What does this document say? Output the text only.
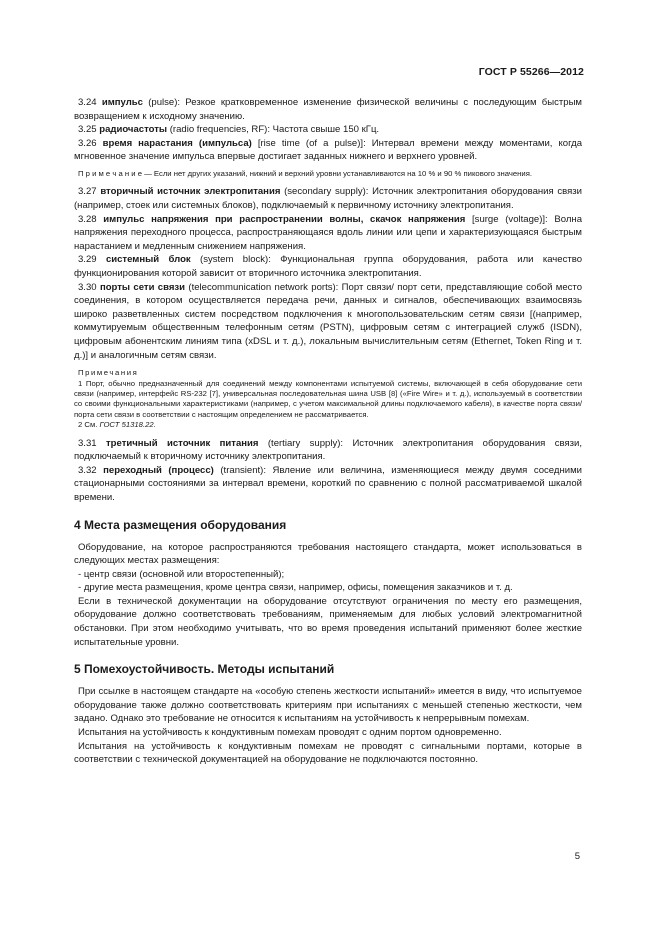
ГОСТ Р 55266—2012

3.24 импульс (pulse): Резкое кратковременное изменение физической величины с последующим быстрым возвращением к исходному значению.

3.25 радиочастоты (radio frequencies, RF): Частота свыше 150 кГц.

3.26 время нарастания (импульса) [rise time (of a pulse)]: Интервал времени между моментами, когда мгновенное значение импульса впервые достигает заданных нижнего и верхнего уровней.

П р и м е ч а н и е — Если нет других указаний, нижний и верхний уровни устанавливаются на 10 % и 90 % пикового значения.

3.27 вторичный источник электропитания (secondary supply): Источник электропитания оборудования связи (например, стоек или системных блоков), подключаемый к первичному источнику электропитания.

3.28 импульс напряжения при распространении волны, скачок напряжения [surge (voltage)]: Волна напряжения переходного процесса, распространяющаяся вдоль линии или цепи и характеризующаяся быстрым нарастанием и медленным снижением напряжения.

3.29 системный блок (system block): Функциональная группа оборудования, работа или качество функционирования которой зависит от вторичного источника электропитания.

3.30 порты сети связи (telecommunication network ports): Порт связи/ порт сети, представляющие собой место соединения, в котором осуществляется передача речи, данных и сигналов, обеспечивающих взаимосвязь широко разветвленных систем посредством подключения к многопользовательским сетям связи [(например, коммутируемым общественным телефонным сетям (PSTN), цифровым сетям с интеграцией служб (ISDN), цифровым абонентским линиям типа (xDSL и т. д.), локальным вычислительным сетям (Ethernet, Token Ring и т. д.)] и аналогичным сетям связи.

Примечания

1 Порт, обычно предназначенный для соединений между компонентами испытуемой системы, включающей в себя оборудование сети связи (например, интерфейс RS-232 [7], универсальная последовательная шина USB [8] («Fire Wire» и т. д.), используемый в соответствии со своими функциональными характеристиками (например, с учетом максимальной длины подключаемого кабеля), в качестве порта связи/порта сети связи в соответствии с настоящим определением не рассматривается.

2 См. ГОСТ 51318.22.

3.31 третичный источник питания (tertiary supply): Источник электропитания оборудования связи, подключаемый к вторичному источнику электропитания.

3.32 переходный (процесс) (transient): Явление или величина, изменяющиеся между двумя соседними стационарными состояниями за интервал времени, короткий по сравнению с полной рассматриваемой шкалой времени.

4 Места размещения оборудования

Оборудование, на которое распространяются требования настоящего стандарта, может использоваться в следующих местах размещения:

- центр связи (основной или второстепенный);

- другие места размещения, кроме центра связи, например, офисы, помещения заказчиков и т. д.

Если в технической документации на оборудование отсутствуют ограничения по месту его размещения, оборудование должно соответствовать требованиям, применяемым для любых условий электромагнитной обстановки. При этом необходимо учитывать, что во время проведения испытаний применяют более жесткие испытательные уровни.

5 Помехоустойчивость. Методы испытаний

При ссылке в настоящем стандарте на «особую степень жесткости испытаний» имеется в виду, что испытуемое оборудование также должно соответствовать критериям при испытаниях с меньшей степенью жесткости, чем задано. Однако это требование не относится к испытаниям на устойчивость к непрерывным помехам.

Испытания на устойчивость к кондуктивным помехам проводят с одним портом одновременно.

Испытания на устойчивость к кондуктивным помехам не проводят с сигнальными портами, которые в соответствии с технической документацией на оборудование не подключаются постоянно.

5
